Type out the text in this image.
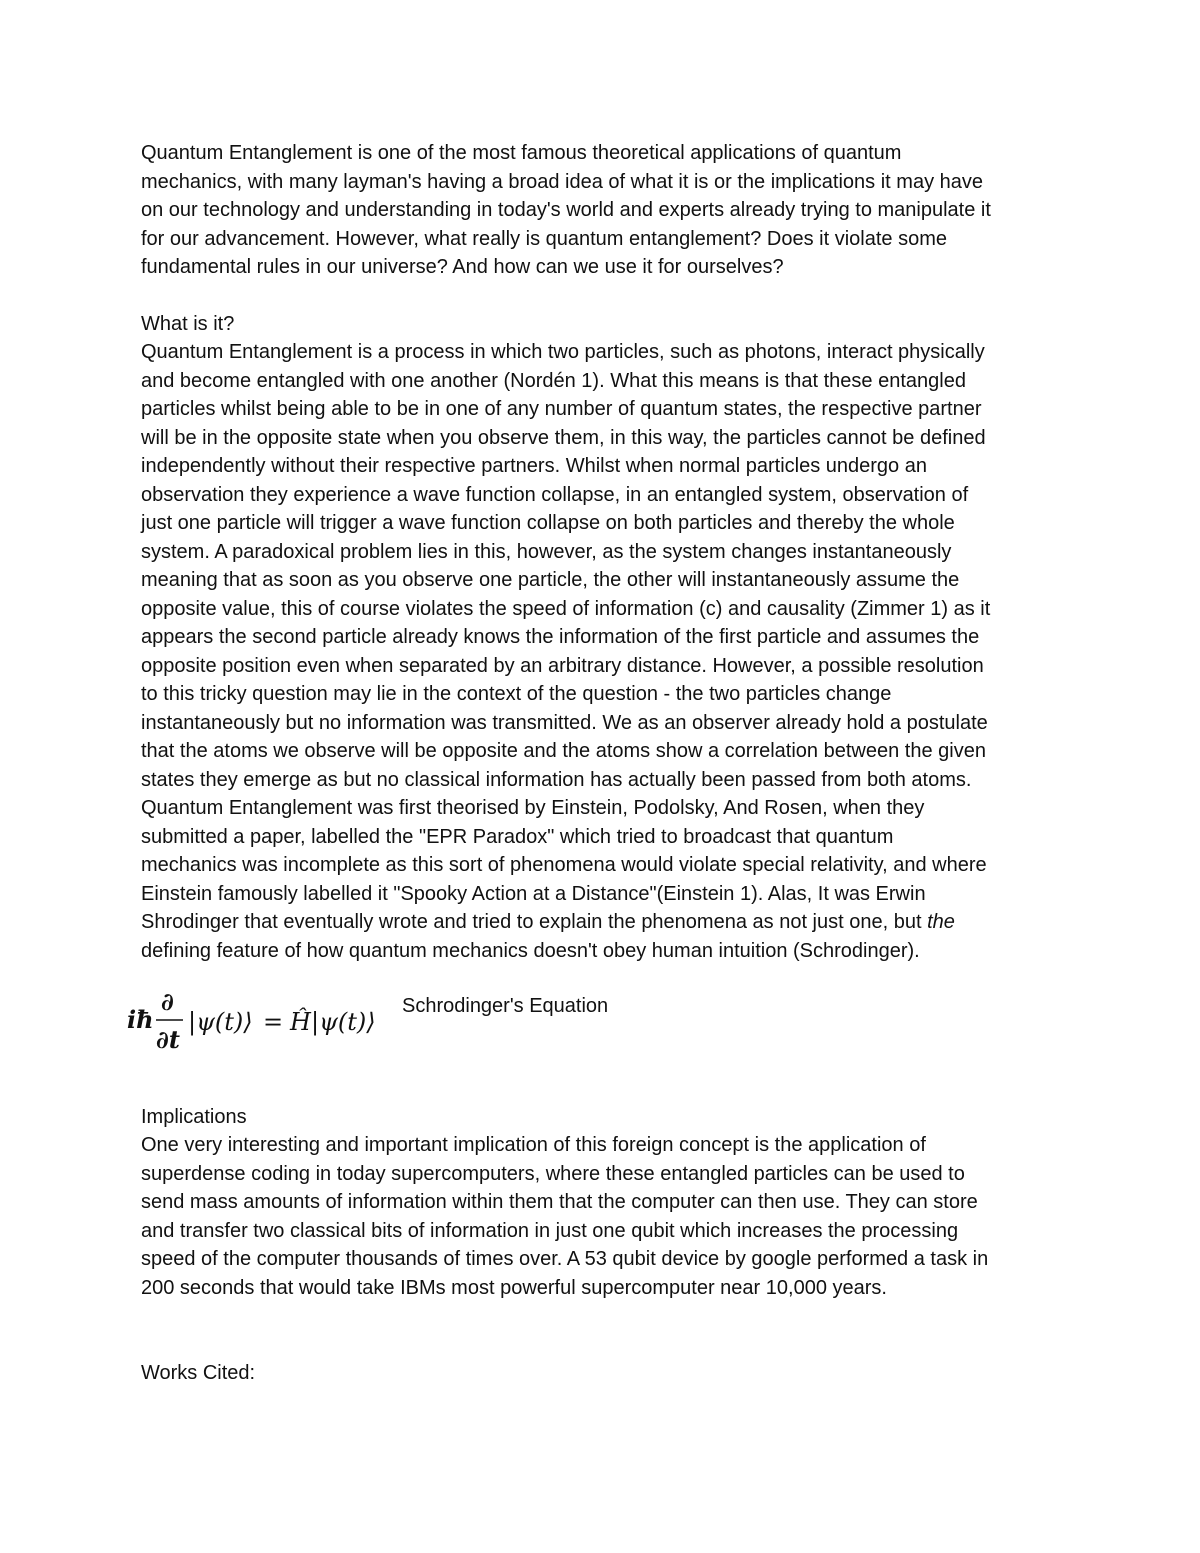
Quantum Entanglement is one of the most famous theoretical applications of quantum
mechanics, with many layman's having a broad idea of what it is or the implications it may have
on our technology and understanding in today's world and experts already trying to manipulate it
for our advancement. However, what really is quantum entanglement? Does it violate some
fundamental rules in our universe? And how can we use it for ourselves?
What is it?
Quantum Entanglement is a process in which two particles, such as photons, interact physically
and become entangled with one another (Nordén 1). What this means is that these entangled
particles whilst being able to be in one of any number of quantum states, the respective partner
will be in the opposite state when you observe them, in this way, the particles cannot be defined
independently without their respective partners. Whilst when normal particles undergo an
observation they experience a wave function collapse, in an entangled system, observation of
just one particle will trigger a wave function collapse on both particles and thereby the whole
system. A paradoxical problem lies in this, however, as the system changes instantaneously
meaning that as soon as you observe one particle, the other will instantaneously assume the
opposite value, this of course violates the speed of information (c) and causality (Zimmer 1) as it
appears the second particle already knows the information of the first particle and assumes the
opposite position even when separated by an arbitrary distance. However, a possible resolution
to this tricky question may lie in the context of the question - the two particles change
instantaneously but no information was transmitted. We as an observer already hold a postulate
that the atoms we observe will be opposite and the atoms show a correlation between the given
states they emerge as but no classical information has actually been passed from both atoms.
Quantum Entanglement was first theorised by Einstein, Podolsky, And Rosen, when they
submitted a paper, labelled the "EPR Paradox" which tried to broadcast that quantum
mechanics was incomplete as this sort of phenomena would violate special relativity, and where
Einstein famously labelled it "Spooky Action at a Distance"(Einstein 1). Alas, It was Erwin
Shrodinger that eventually wrote and tried to explain the phenomena as not just one, but the
defining feature of how quantum mechanics doesn't obey human intuition (Schrodinger).
iħ
∂
∂t
|ψ(t)⟩ = Ĥ |ψ(t)⟩
Schrodinger's Equation
Implications
One very interesting and important implication of this foreign concept is the application of
superdense coding in today supercomputers, where these entangled particles can be used to
send mass amounts of information within them that the computer can then use. They can store
and transfer two classical bits of information in just one qubit which increases the processing
speed of the computer thousands of times over. A 53 qubit device by google performed a task in
200 seconds that would take IBMs most powerful supercomputer near 10,000 years.
Works Cited:
